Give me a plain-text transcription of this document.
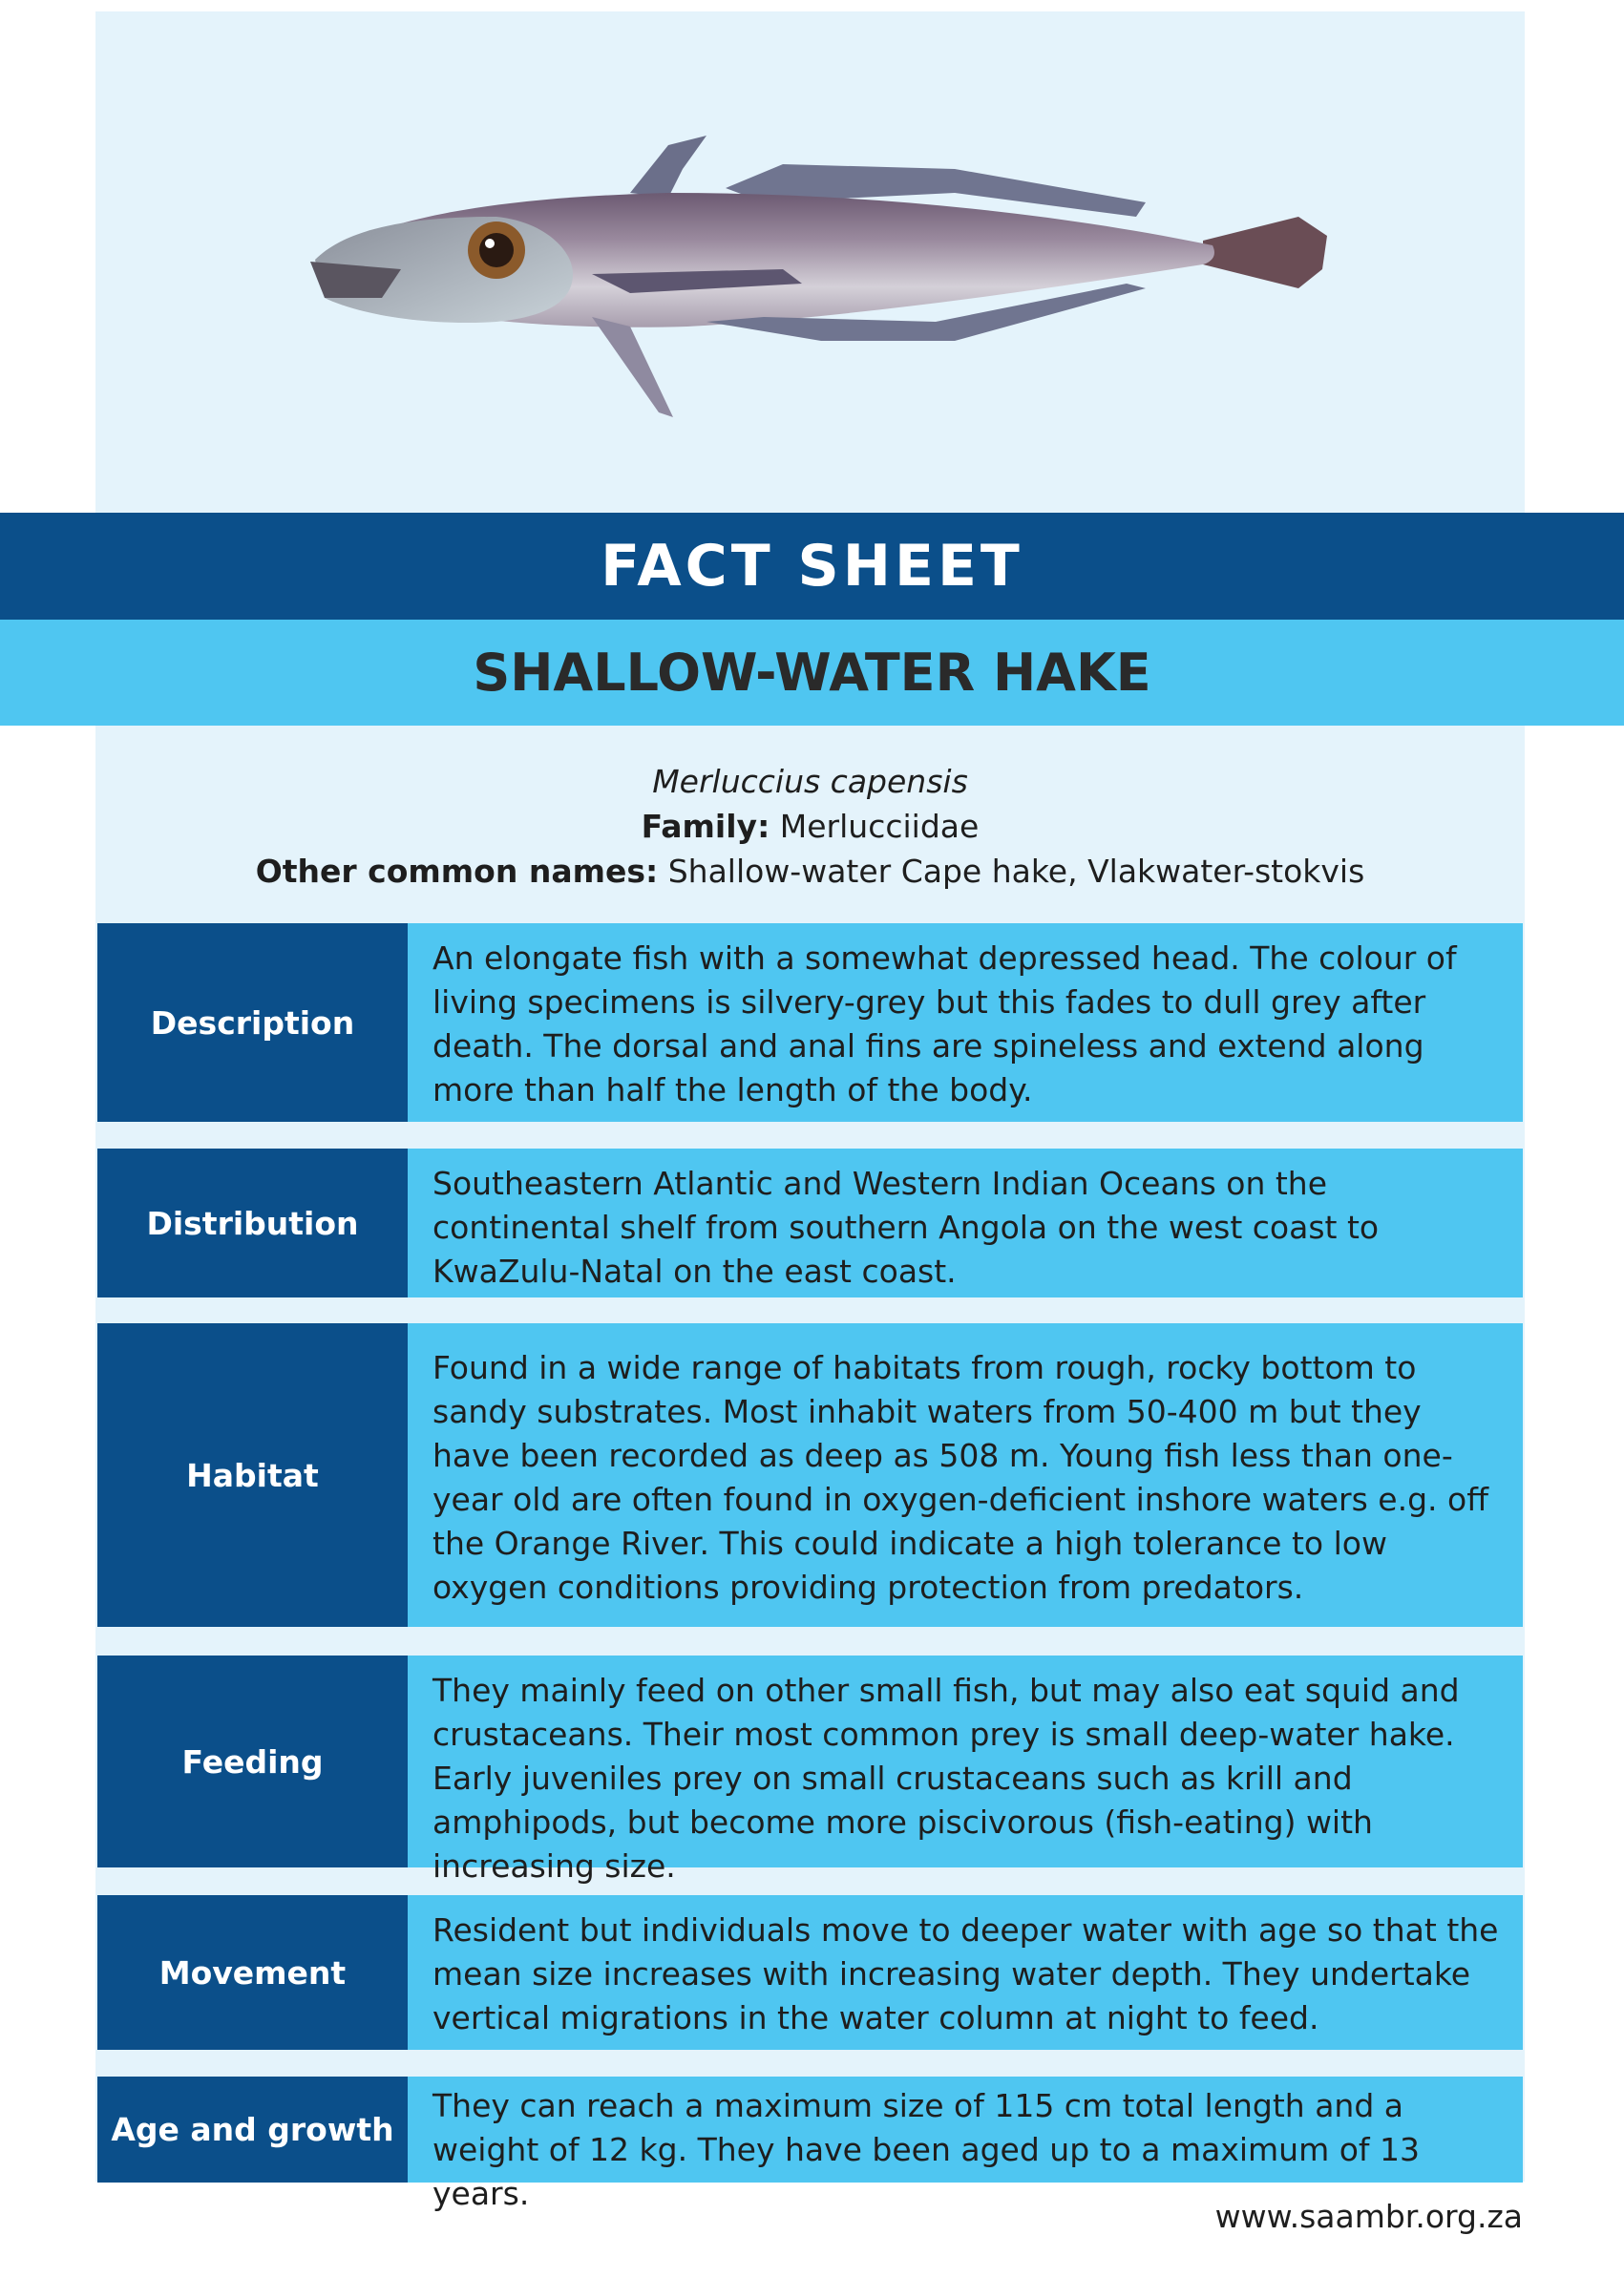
FACT SHEET
SHALLOW-WATER HAKE
Merluccius capensis
Family: Merlucciidae
Other common names: Shallow-water Cape hake, Vlakwater-stokvis
Description
An elongate fish with a somewhat depressed head. The colour of living specimens is silvery-grey but this fades to dull grey after death. The dorsal and anal fins are spineless and extend along more than half the length of the body.
Distribution
Southeastern Atlantic and Western Indian Oceans on the continental shelf from southern Angola on the west coast to KwaZulu-Natal on the east coast.
Habitat
Found in a wide range of habitats from rough, rocky bottom to sandy substrates. Most inhabit waters from 50-400 m but they have been recorded as deep as 508 m. Young fish less than one-year old are often found in oxygen-deficient inshore waters e.g. off the Orange River. This could indicate a high tolerance to low oxygen conditions providing protection from predators.
Feeding
They mainly feed on other small fish, but may also eat squid and crustaceans. Their most common prey is small deep-water hake. Early juveniles prey on small crustaceans such as krill and amphipods, but become more piscivorous (fish-eating) with increasing size.
Movement
Resident but individuals move to deeper water with age so that the mean size increases with increasing water depth. They undertake vertical migrations in the water column at night to feed.
Age and growth
They can reach a maximum size of 115 cm total length and a weight of 12 kg. They have been aged up to a maximum of 13 years.
www.saambr.org.za
